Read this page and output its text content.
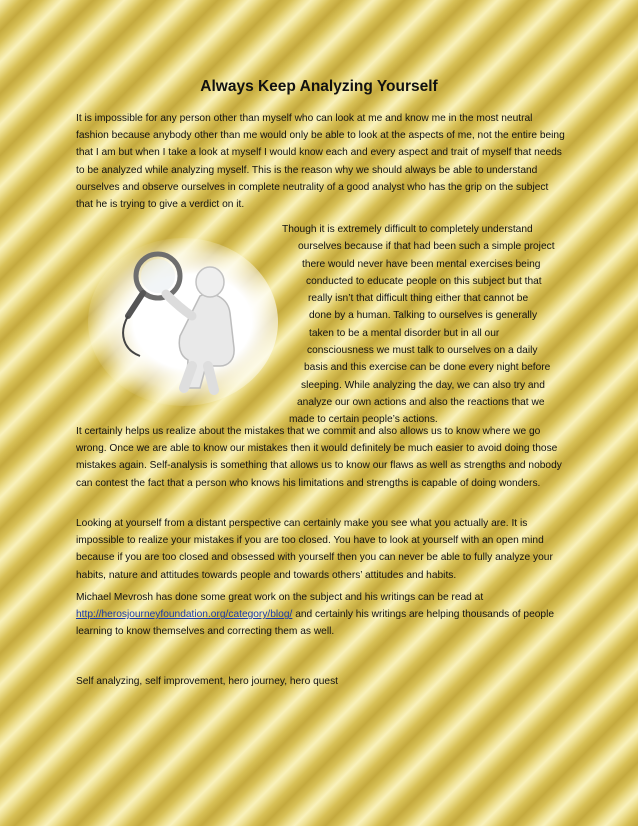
Always Keep Analyzing Yourself

It is impossible for any person other than myself who can look at me and know me in the most neutral fashion because anybody other than me would only be able to look at the aspects of me, not the entire being that I am but when I take a look at myself I would know each and every aspect and trait of myself that needs to be analyzed while analyzing myself. This is the reason why we should always be able to understand ourselves and observe ourselves in complete neutrality of a good analyst who has the grip on the subject that he is trying to give a verdict on it.

Though it is extremely difficult to completely understand
ourselves because if that had been such a simple project
there would never have been mental exercises being
conducted to educate people on this subject but that
really isn’t that difficult thing either that cannot be
done by a human. Talking to ourselves is generally
taken to be a mental disorder but in all our
consciousness we must talk to ourselves on a daily
basis and this exercise can be done every night before
sleeping. While analyzing the day, we can also try and
analyze our own actions and also the reactions that we
made to certain people’s actions.

It certainly helps us realize about the mistakes that we commit and also allows us to know where we go wrong. Once we are able to know our mistakes then it would definitely be much easier to avoid doing those mistakes again. Self-analysis is something that allows us to know our flaws as well as strengths and nobody can contest the fact that a person who knows his limitations and strengths is capable of doing wonders.

Looking at yourself from a distant perspective can certainly make you see what you actually are. It is impossible to realize your mistakes if you are too closed. You have to look at yourself with an open mind because if you are too closed and obsessed with yourself then you can never be able to fully analyze your habits, nature and attitudes towards people and towards others’ attitudes and habits.

Michael Mevrosh has done some great work on the subject and his writings can be read at http://herosjourneyfoundation.org/category/blog/ and certainly his writings are helping thousands of people learning to know themselves and correcting them as well.

Self analyzing, self improvement, hero journey, hero quest
